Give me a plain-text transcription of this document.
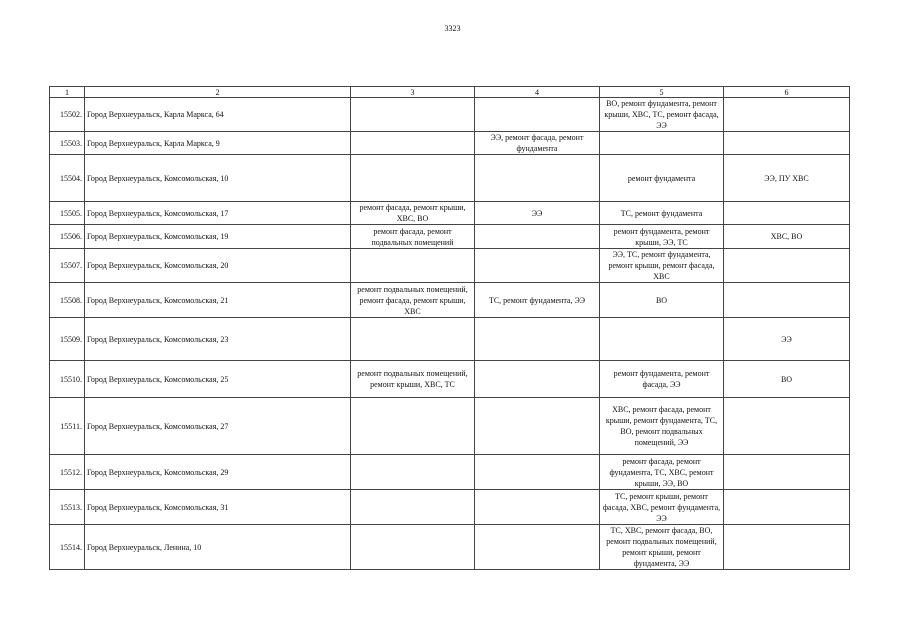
3323
1	2	3	4	5	6
15502.	Город Верхнеуральск, Карла Маркса, 64			ВО, ремонт фундамента, ремонт крыши, ХВС, ТС, ремонт фасада, ЭЭ	
15503.	Город Верхнеуральск, Карла Маркса, 9		ЭЭ, ремонт фасада, ремонт фундамента		
15504.	Город Верхнеуральск, Комсомольская, 10			ремонт фундамента	ЭЭ, ПУ ХВС
15505.	Город Верхнеуральск, Комсомольская, 17	ремонт фасада, ремонт крыши, ХВС, ВО	ЭЭ	ТС, ремонт фундамента	
15506.	Город Верхнеуральск, Комсомольская, 19	ремонт фасада, ремонт подвальных помещений		ремонт фундамента, ремонт крыши, ЭЭ, ТС	ХВС, ВО
15507.	Город Верхнеуральск, Комсомольская, 20			ЭЭ, ТС, ремонт фундамента, ремонт крыши, ремонт фасада, ХВС	
15508.	Город Верхнеуральск, Комсомольская, 21	ремонт подвальных помещений, ремонт фасада, ремонт крыши, ХВС	ТС, ремонт фундамента, ЭЭ	ВО	
15509.	Город Верхнеуральск, Комсомольская, 23				ЭЭ
15510.	Город Верхнеуральск, Комсомольская, 25	ремонт подвальных помещений, ремонт крыши, ХВС, ТС		ремонт фундамента, ремонт фасада, ЭЭ	ВО
15511.	Город Верхнеуральск, Комсомольская, 27			ХВС, ремонт фасада, ремонт крыши, ремонт фундамента, ТС, ВО, ремонт подвальных помещений, ЭЭ	
15512.	Город Верхнеуральск, Комсомольская, 29			ремонт фасада, ремонт фундамента, ТС, ХВС, ремонт крыши, ЭЭ, ВО	
15513.	Город Верхнеуральск, Комсомольская, 31			ТС, ремонт крыши, ремонт фасада, ХВС, ремонт фундамента, ЭЭ	
15514.	Город Верхнеуральск, Ленина, 10			ТС, ХВС, ремонт фасада, ВО, ремонт подвальных помещений, ремонт крыши, ремонт фундамента, ЭЭ	
